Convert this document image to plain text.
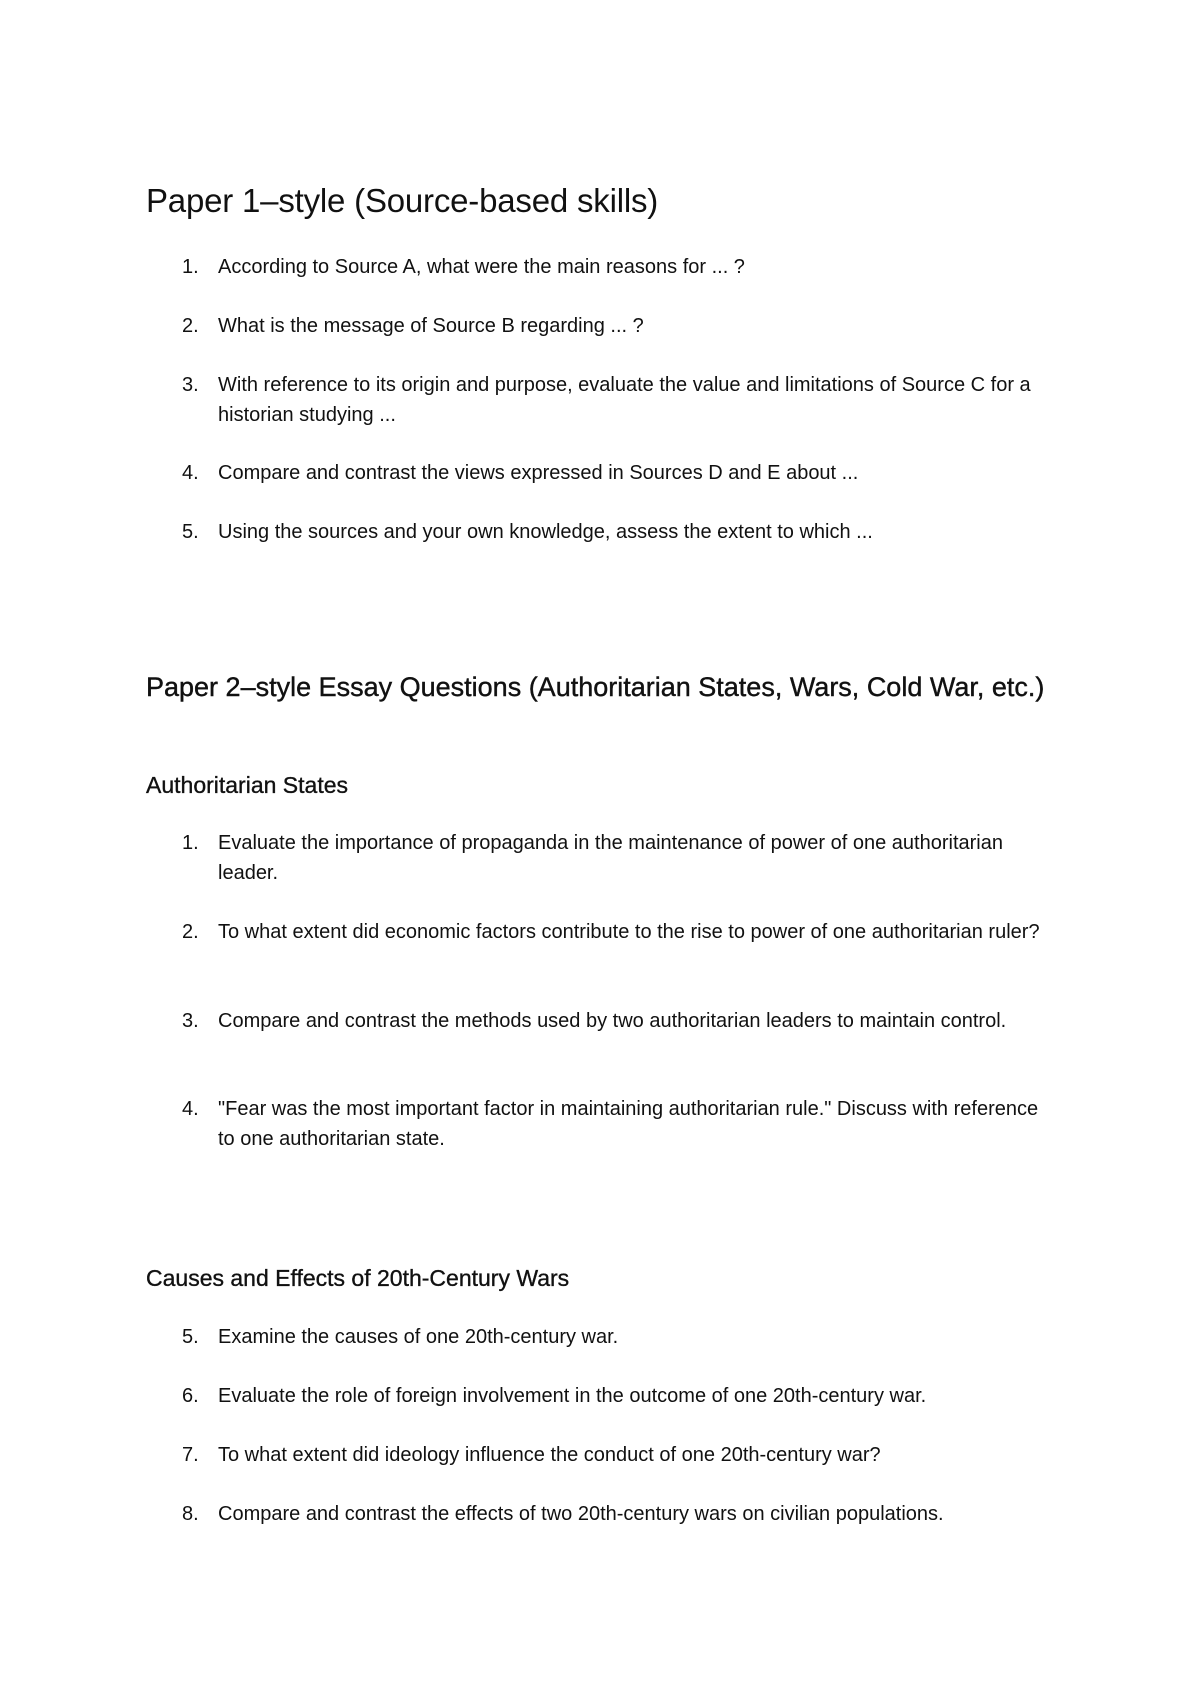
Paper 1–style (Source-based skills)
1. According to Source A, what were the main reasons for ... ?
2. What is the message of Source B regarding ... ?
3. With reference to its origin and purpose, evaluate the value and limitations of Source C for a historian studying ...
4. Compare and contrast the views expressed in Sources D and E about ...
5. Using the sources and your own knowledge, assess the extent to which ...
Paper 2–style Essay Questions (Authoritarian States, Wars, Cold War, etc.)
Authoritarian States
1. Evaluate the importance of propaganda in the maintenance of power of one authoritarian leader.
2. To what extent did economic factors contribute to the rise to power of one authoritarian ruler?
3. Compare and contrast the methods used by two authoritarian leaders to maintain control.
4. "Fear was the most important factor in maintaining authoritarian rule." Discuss with reference to one authoritarian state.
Causes and Effects of 20th-Century Wars
5. Examine the causes of one 20th-century war.
6. Evaluate the role of foreign involvement in the outcome of one 20th-century war.
7. To what extent did ideology influence the conduct of one 20th-century war?
8. Compare and contrast the effects of two 20th-century wars on civilian populations.
